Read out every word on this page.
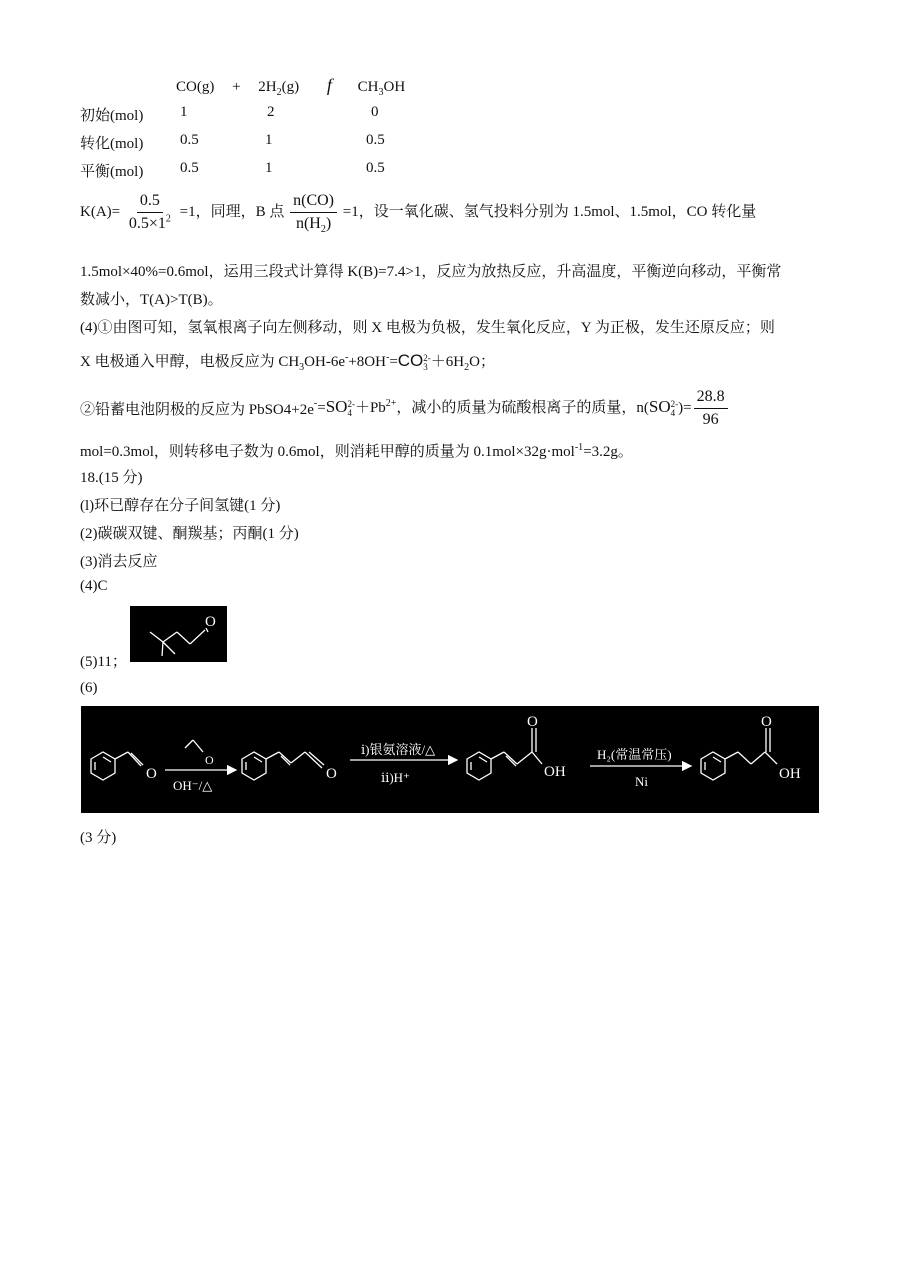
$CO(g) + 2H_2(g)$ f $CH_3OH$
初始(mol) 1	2	0
转化(mol) 0.5	1	0.5
平衡(mol) 0.5	1	0.5
$K(A)= \frac{0.5}{0.5\times 1^2} =1$，同理，B 点 $\frac{n(CO)}{n(H_2)} =1$，设一氧化碳、氢气投料分别为 1.5mol、1.5mol，CO 转化量
1.5mol×40%=0.6mol，运用三段式计算得 K(B)=7.4>1，反应为放热反应，升高温度，平衡逆向移动，平衡常
数减小，T(A)>T(B)。
(4)①由图可知，氢氧根离子向左侧移动，则 X 电极为负极，发生氧化反应，Y 为正极，发生还原反应；则
X 电极通入甲醇，电极反应为 $CH_3OH-6e^-+8OH^-=CO$ 2-
$3 +6H_2O$；
②铅蓄电池阴极的反应为 PbSO4+2e-=SO 2-
$4 +Pb^{2+}$，减小的质量为硫酸根离子的质量，n(SO 2-
4 )= $\frac{28.8}{96}$
mol=0.3mol，则转移电子数为 0.6mol，则消耗甲醇的质量为 0.1mol×32g·mol$^{-1}$=3.2g。
18.(15 分)
(l)环已醇存在分子间氢键(1 分)
(2)碳碳双键、酮羰基；丙酮(1 分)
(3)消去反应
(4)C
(5)11；
O
(6)
O
O
OH⁻/△
O
ⅰ)银氨溶液/△
ⅱ)H⁺
O
OH
H₂(常温常压)
Ni
O
OH
(3 分)
